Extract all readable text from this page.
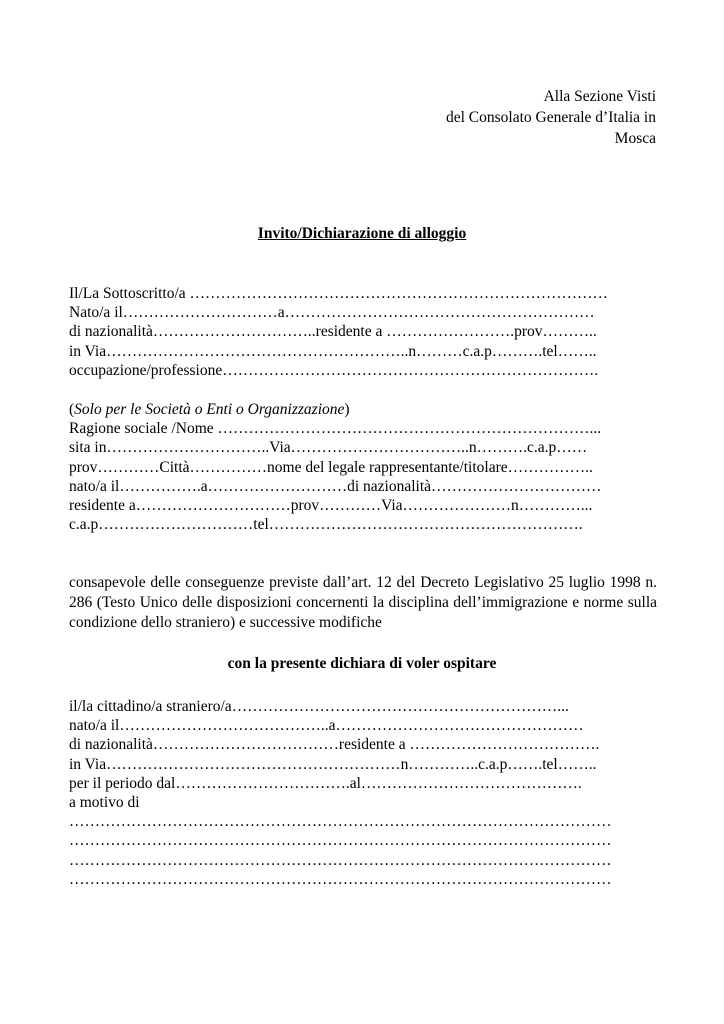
Alla Sezione Visti
del Consolato Generale d’Italia in
Mosca
Invito/Dichiarazione di alloggio
Il/La Sottoscritto/a ………………………………………………………………………
Nato/a il…………………………a……………………………………………………
di nazionalità…………………………..residente a …………………….prov………..
in Via…………………………………………………..n………c.a.p……….tel……..
occupazione/professione……………………………………………………………….
(Solo per le Società o Enti o Organizzazione)
Ragione sociale /Nome ………………………………………………………………...
sita in…………………………..Via……………………………..n……….c.a.p……
prov…………Città……………nome del legale rappresentante/titolare……………..
nato/a il…………….a………………………di nazionalità……………………………
residente a…………………………prov…………Via…………………n…………...
c.a.p…………………………tel…………………………………………………….
consapevole delle conseguenze previste dall’art. 12 del Decreto Legislativo 25 luglio 1998 n. 286 (Testo Unico delle disposizioni concernenti la disciplina dell’immigrazione e norme sulla condizione dello straniero) e successive modifiche
con la presente dichiara di voler ospitare
il/la cittadino/a straniero/a………………………………………………………...
nato/a il…………………………………..a…………………………………………
di nazionalità………………………………residente a ……………………………….
in Via…………………………………………………n…………..c.a.p…….tel……..
per il periodo dal…………………………….al…………………………………….
a motivo di
……………………………………………………………………………………………
……………………………………………………………………………………………
……………………………………………………………………………………………
……………………………………………………………………………………………
